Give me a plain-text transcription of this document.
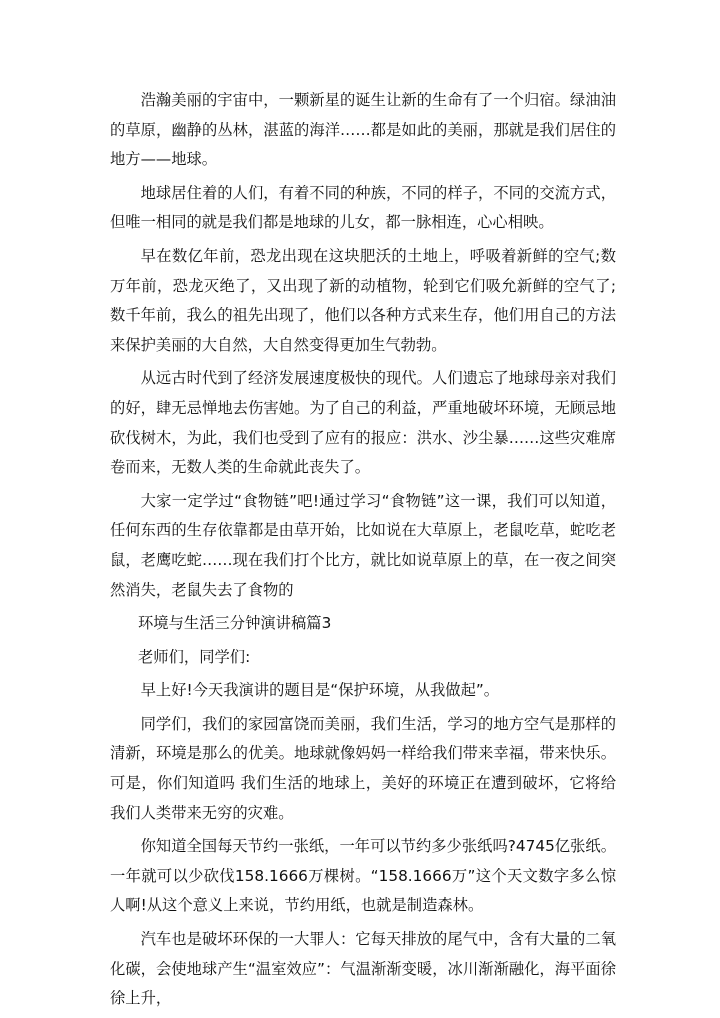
浩瀚美丽的宇宙中，一颗新星的诞生让新的生命有了一个归宿。绿油油的草原，幽静的丛林，湛蓝的海洋……都是如此的美丽，那就是我们居住的地方——地球。

地球居住着的人们，有着不同的种族，不同的样子，不同的交流方式，但唯一相同的就是我们都是地球的儿女，都一脉相连，心心相映。

早在数亿年前，恐龙出现在这块肥沃的土地上，呼吸着新鲜的空气;数万年前，恐龙灭绝了，又出现了新的动植物，轮到它们吸允新鲜的空气了;数千年前，我么的祖先出现了，他们以各种方式来生存，他们用自己的方法来保护美丽的大自然，大自然变得更加生气勃勃。

从远古时代到了经济发展速度极快的现代。人们遗忘了地球母亲对我们的好，肆无忌惮地去伤害她。为了自己的利益，严重地破坏环境，无顾忌地砍伐树木，为此，我们也受到了应有的报应：洪水、沙尘暴……这些灾难席卷而来，无数人类的生命就此丧失了。

大家一定学过“食物链”吧!通过学习“食物链”这一课，我们可以知道，任何东西的生存依靠都是由草开始，比如说在大草原上，老鼠吃草，蛇吃老鼠，老鹰吃蛇……现在我们打个比方，就比如说草原上的草，在一夜之间突然消失，老鼠失去了食物的

环境与生活三分钟演讲稿篇3

老师们，同学们:

早上好!今天我演讲的题目是“保护环境，从我做起”。

同学们，我们的家园富饶而美丽，我们生活，学习的地方空气是那样的清新，环境是那么的优美。地球就像妈妈一样给我们带来幸福，带来快乐。可是，你们知道吗 我们生活的地球上，美好的环境正在遭到破坏，它将给我们人类带来无穷的灾难。

你知道全国每天节约一张纸，一年可以节约多少张纸吗?4745亿张纸。一年就可以少砍伐158.1666万棵树。“158.1666万”这个天文数字多么惊人啊!从这个意义上来说，节约用纸，也就是制造森林。

汽车也是破坏环保的一大罪人：它每天排放的尾气中，含有大量的二氧化碳，会使地球产生“温室效应”：气温渐渐变暖，冰川渐渐融化，海平面徐徐上升，
